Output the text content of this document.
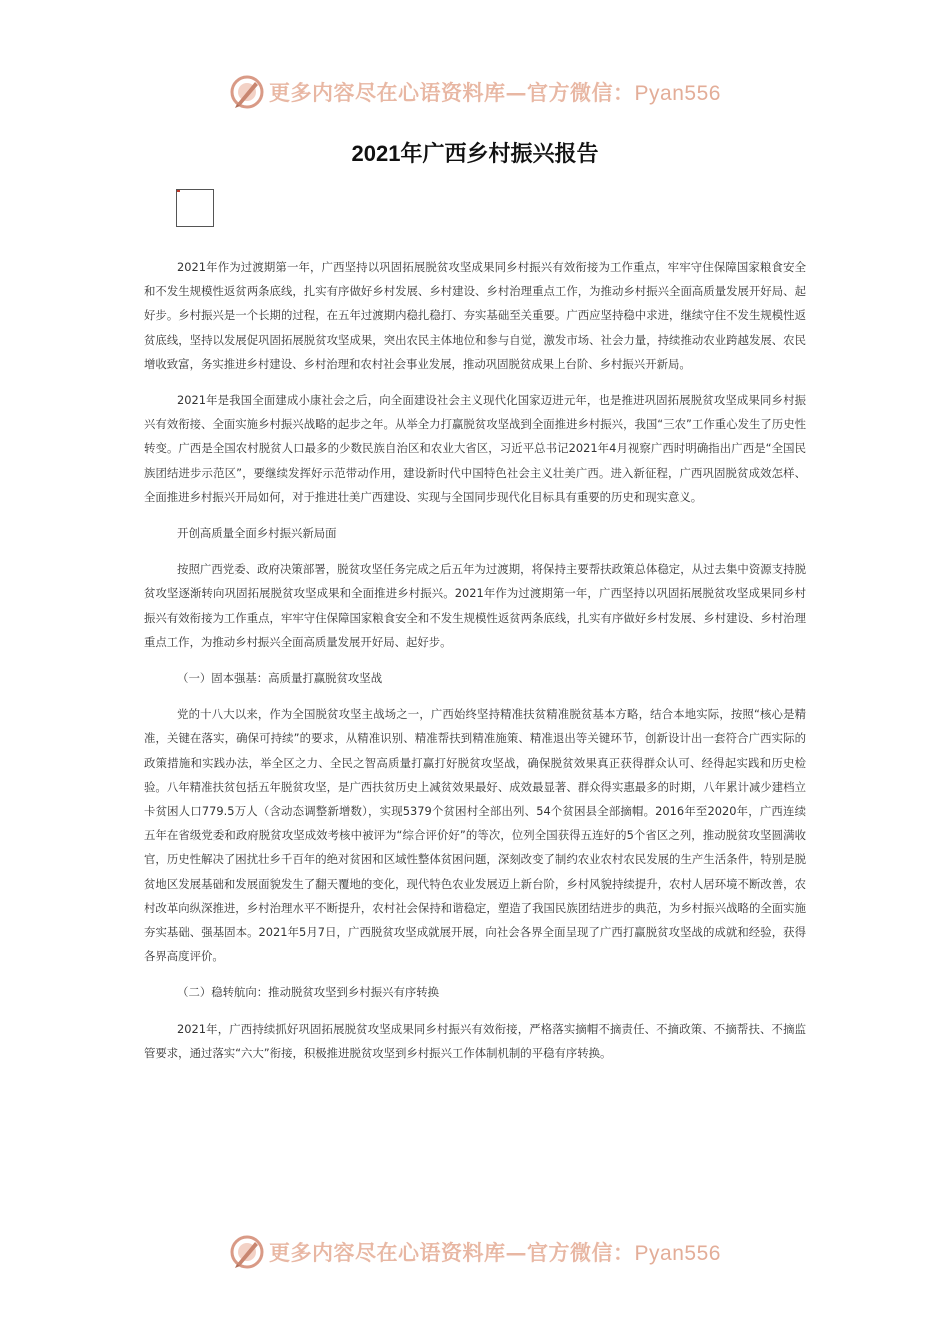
更多内容尽在心语资料库—官方微信：Pyan556
2021年广西乡村振兴报告

2021年作为过渡期第一年，广西坚持以巩固拓展脱贫攻坚成果同乡村振兴有效衔接为工作重点，牢牢守住保障国家粮食安全和不发生规模性返贫两条底线，扎实有序做好乡村发展、乡村建设、乡村治理重点工作，为推动乡村振兴全面高质量发展开好局、起好步。乡村振兴是一个长期的过程，在五年过渡期内稳扎稳打、夯实基础至关重要。广西应坚持稳中求进，继续守住不发生规模性返贫底线，坚持以发展促巩固拓展脱贫攻坚成果，突出农民主体地位和参与自觉，激发市场、社会力量，持续推动农业跨越发展、农民增收致富，务实推进乡村建设、乡村治理和农村社会事业发展，推动巩固脱贫成果上台阶、乡村振兴开新局。

2021年是我国全面建成小康社会之后，向全面建设社会主义现代化国家迈进元年，也是推进巩固拓展脱贫攻坚成果同乡村振兴有效衔接、全面实施乡村振兴战略的起步之年。从举全力打赢脱贫攻坚战到全面推进乡村振兴，我国“三农”工作重心发生了历史性转变。广西是全国农村脱贫人口最多的少数民族自治区和农业大省区，习近平总书记2021年4月视察广西时明确指出广西是“全国民族团结进步示范区”，要继续发挥好示范带动作用，建设新时代中国特色社会主义壮美广西。进入新征程，广西巩固脱贫成效怎样、全面推进乡村振兴开局如何，对于推进壮美广西建设、实现与全国同步现代化目标具有重要的历史和现实意义。

开创高质量全面乡村振兴新局面

按照广西党委、政府决策部署，脱贫攻坚任务完成之后五年为过渡期，将保持主要帮扶政策总体稳定，从过去集中资源支持脱贫攻坚逐渐转向巩固拓展脱贫攻坚成果和全面推进乡村振兴。2021年作为过渡期第一年，广西坚持以巩固拓展脱贫攻坚成果同乡村振兴有效衔接为工作重点，牢牢守住保障国家粮食安全和不发生规模性返贫两条底线，扎实有序做好乡村发展、乡村建设、乡村治理重点工作，为推动乡村振兴全面高质量发展开好局、起好步。

（一）固本强基：高质量打赢脱贫攻坚战

党的十八大以来，作为全国脱贫攻坚主战场之一，广西始终坚持精准扶贫精准脱贫基本方略，结合本地实际，按照“核心是精准，关键在落实，确保可持续”的要求，从精准识别、精准帮扶到精准施策、精准退出等关键环节，创新设计出一套符合广西实际的政策措施和实践办法，举全区之力、全民之智高质量打赢打好脱贫攻坚战，确保脱贫效果真正获得群众认可、经得起实践和历史检验。八年精准扶贫包括五年脱贫攻坚，是广西扶贫历史上减贫效果最好、成效最显著、群众得实惠最多的时期，八年累计减少建档立卡贫困人口779.5万人（含动态调整新增数），实现5379个贫困村全部出列、54个贫困县全部摘帽。2016年至2020年，广西连续五年在省级党委和政府脱贫攻坚成效考核中被评为“综合评价好”的等次，位列全国获得五连好的5个省区之列，推动脱贫攻坚圆满收官，历史性解决了困扰壮乡千百年的绝对贫困和区域性整体贫困问题，深刻改变了制约农业农村农民发展的生产生活条件，特别是脱贫地区发展基础和发展面貌发生了翻天覆地的变化，现代特色农业发展迈上新台阶，乡村风貌持续提升，农村人居环境不断改善，农村改革向纵深推进，乡村治理水平不断提升，农村社会保持和谐稳定，塑造了我国民族团结进步的典范，为乡村振兴战略的全面实施夯实基础、强基固本。2021年5月7日，广西脱贫攻坚成就展开展，向社会各界全面呈现了广西打赢脱贫攻坚战的成就和经验，获得各界高度评价。

（二）稳转航向：推动脱贫攻坚到乡村振兴有序转换

2021年，广西持续抓好巩固拓展脱贫攻坚成果同乡村振兴有效衔接，严格落实摘帽不摘责任、不摘政策、不摘帮扶、不摘监管要求，通过落实“六大”衔接，积极推进脱贫攻坚到乡村振兴工作体制机制的平稳有序转换。

更多内容尽在心语资料库—官方微信：Pyan556
